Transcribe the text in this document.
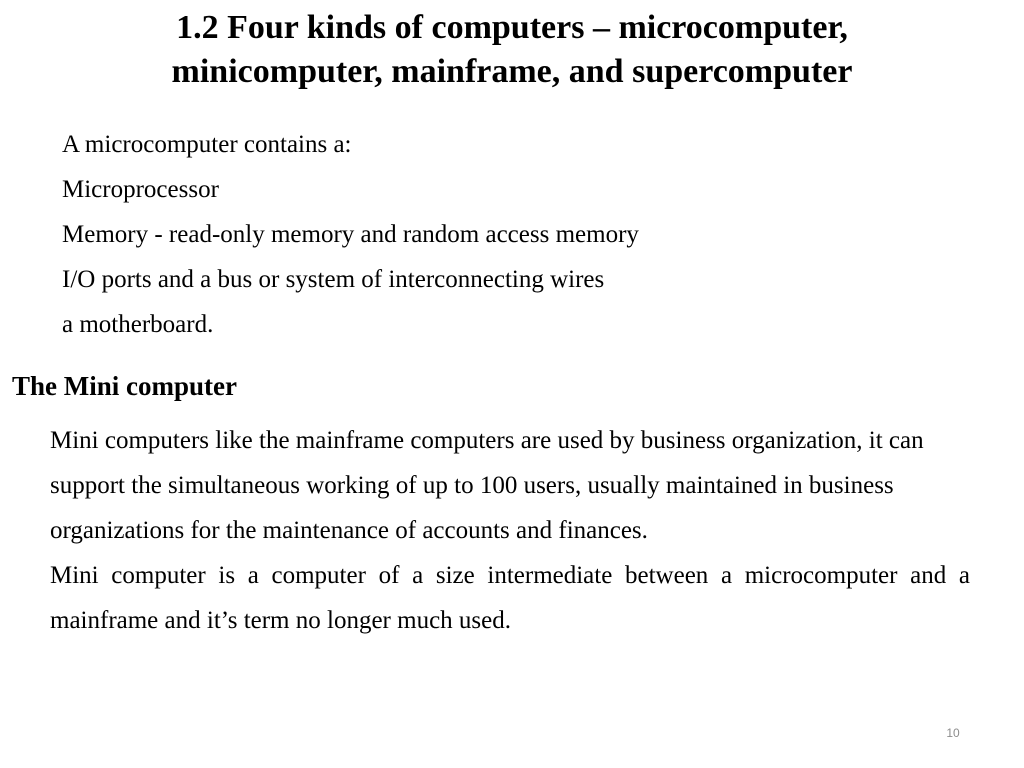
1.2 Four kinds of computers – microcomputer,
minicomputer, mainframe, and supercomputer
A microcomputer contains a:
Microprocessor
Memory - read-only memory and random access memory
I/O ports and a bus or system of interconnecting wires
a motherboard.
The Mini computer

Mini computers like the mainframe computers are used by business organization, it can

support the simultaneous working of up to 100 users, usually maintained in business

organizations for the maintenance of accounts and finances.

Mini computer is a computer of a size intermediate between a microcomputer and a mainframe and it’s term no longer much used.

10
